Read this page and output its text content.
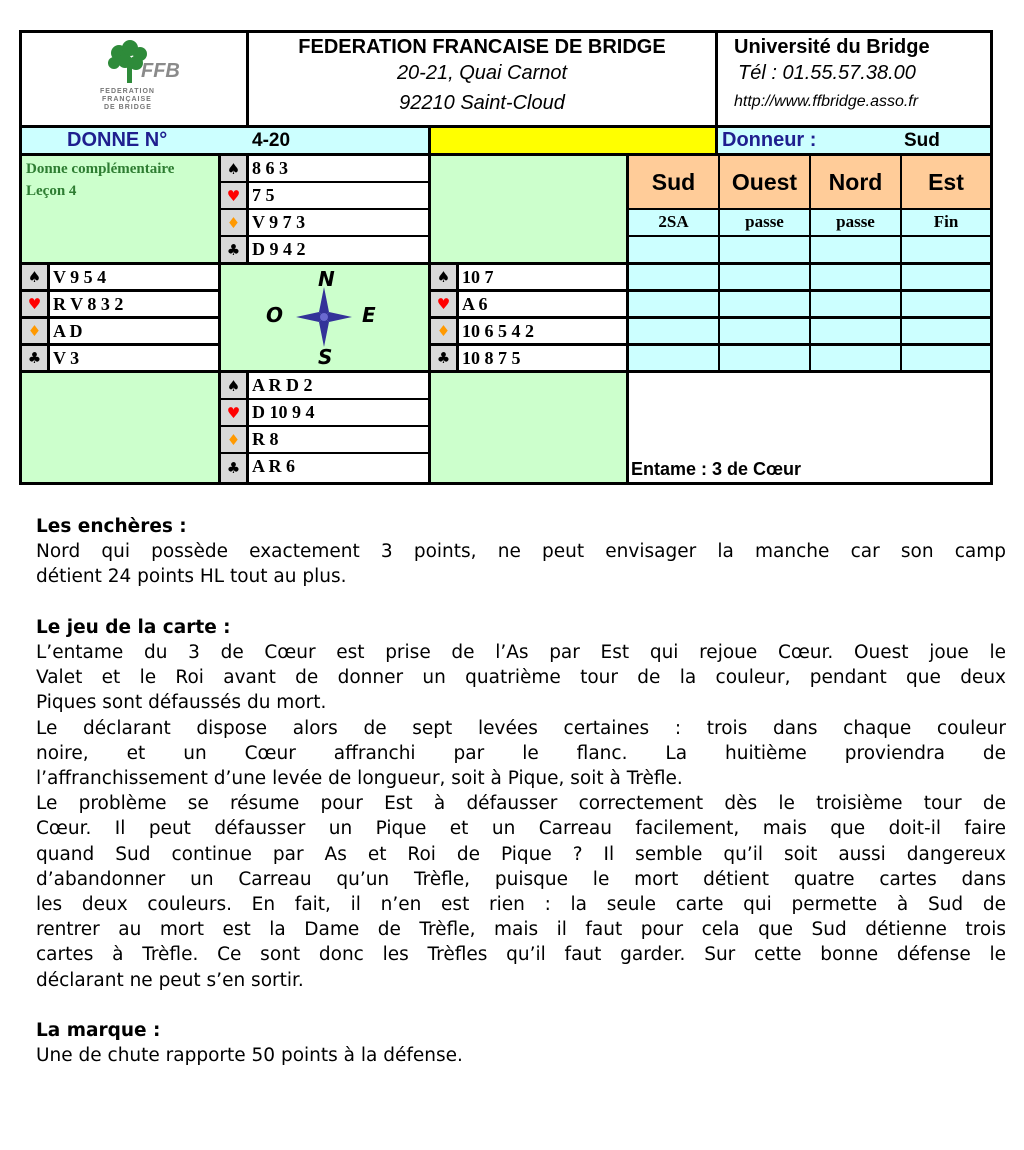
FFB
FEDERATION
FRANÇAISE
DE BRIDGE
FEDERATION FRANCAISE DE BRIDGE
20-21, Quai Carnot
92210 Saint-Cloud
Université du Bridge
Tél : 01.55.57.38.00
http://www.ffbridge.asso.fr
DONNE N°	4-20	Donneur :	Sud
Donne complémentaire
Leçon 4
♠ 8 6 3
♥ 7 5
♦ V 9 7 3
♣ D 9 4 2
Sud	Ouest	Nord	Est
2SA	passe	passe	Fin
♠ V 9 5 4
♥ R V 8 3 2
♦ A D
♣ V 3
N
O	E
S
♠ 10 7
♥ A 6
♦ 10 6 5 4 2
♣ 10 8 7 5
♠ A R D 2
♥ D 10 9 4
♦ R 8
♣ A R 6	Entame : 3 de Cœur
Les enchères :

Nord qui possède exactement 3 points, ne peut envisager la manche car son camp

détient 24 points HL tout au plus.

Le jeu de la carte :

L’entame du 3 de Cœur est prise de l’As par Est qui rejoue Cœur. Ouest joue le

Valet et le Roi avant de donner un quatrième tour de la couleur, pendant que deux

Piques sont défaussés du mort.

Le déclarant dispose alors de sept levées certaines : trois dans chaque couleur

noire, et un Cœur affranchi par le flanc. La huitième proviendra de

l’affranchissement d’une levée de longueur, soit à Pique, soit à Trèfle.

Le problème se résume pour Est à défausser correctement dès le troisième tour de

Cœur. Il peut défausser un Pique et un Carreau facilement, mais que doit-il faire

quand Sud continue par As et Roi de Pique ? Il semble qu’il soit aussi dangereux

d’abandonner un Carreau qu’un Trèfle, puisque le mort détient quatre cartes dans

les deux couleurs. En fait, il n’en est rien : la seule carte qui permette à Sud de

rentrer au mort est la Dame de Trèfle, mais il faut pour cela que Sud détienne trois

cartes à Trèfle. Ce sont donc les Trèfles qu’il faut garder. Sur cette bonne défense le

déclarant ne peut s’en sortir.

La marque :

Une de chute rapporte 50 points à la défense.
